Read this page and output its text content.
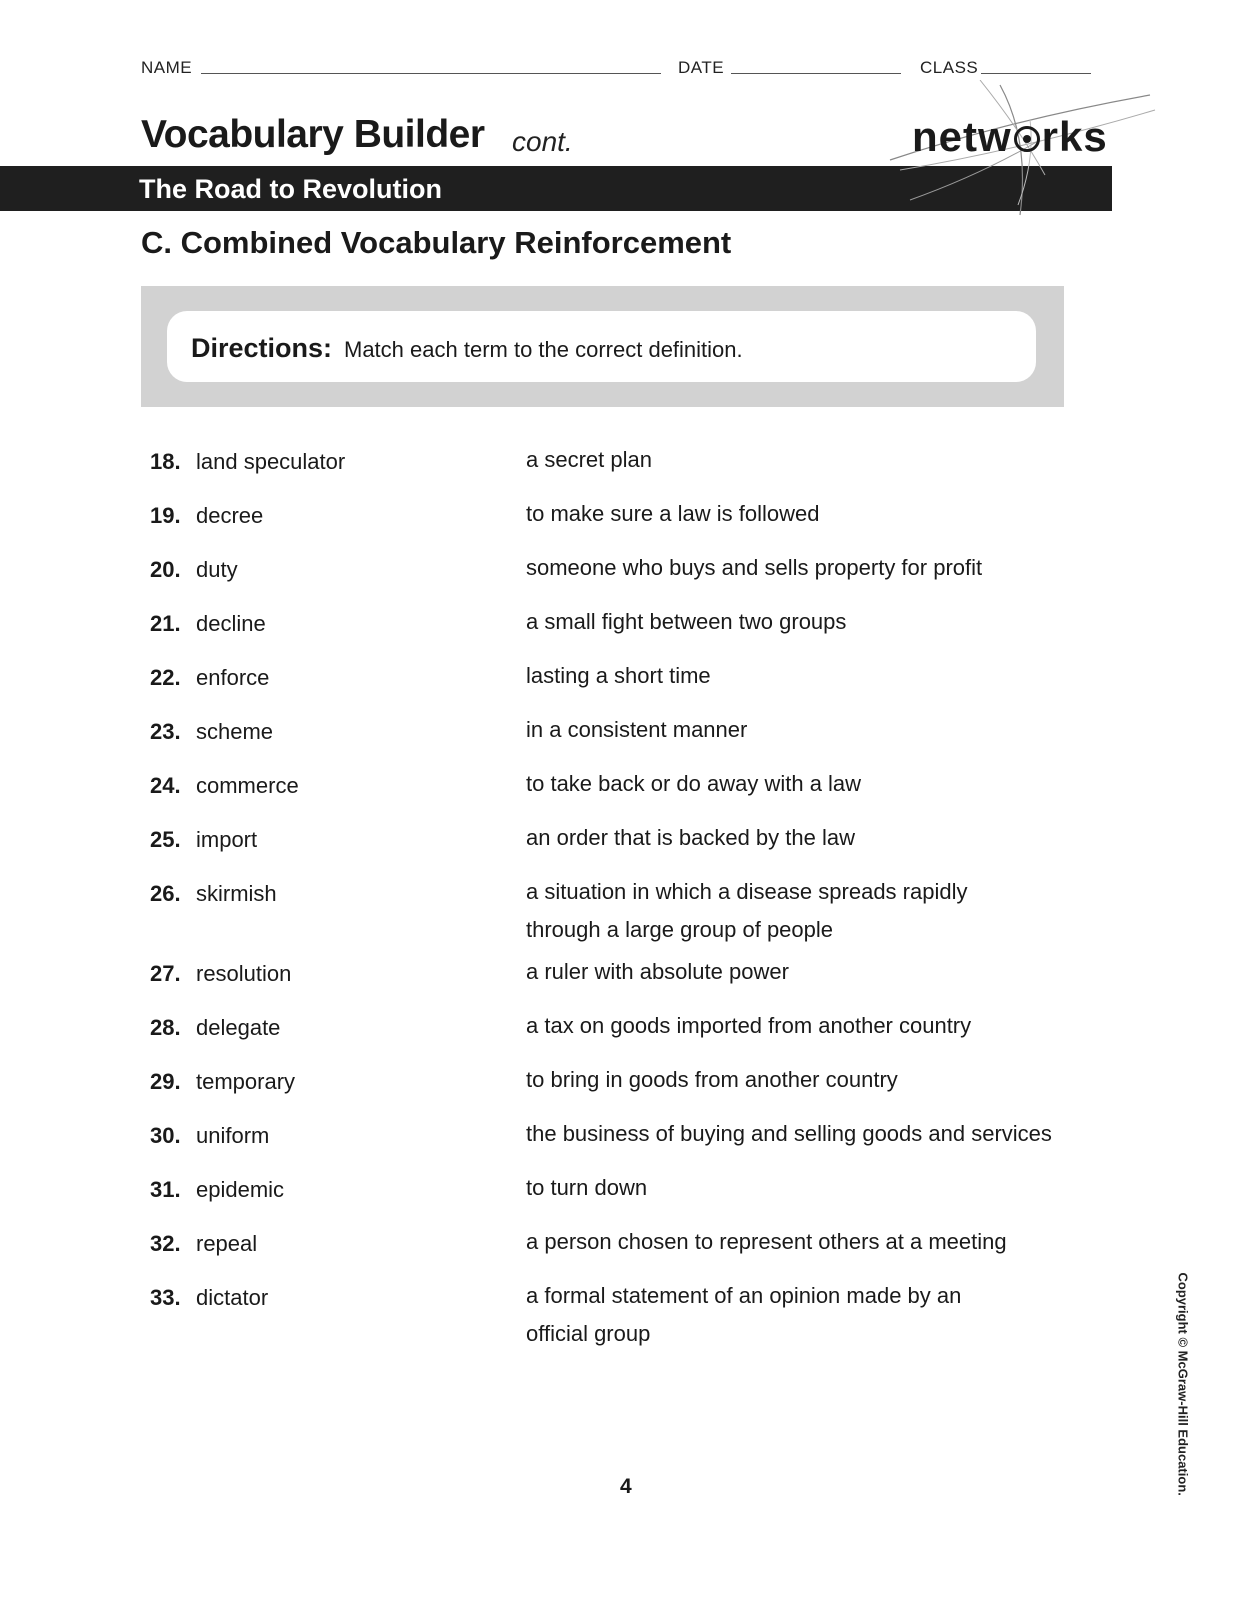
NAME	DATE	CLASS
Vocabulary Builder cont.
The Road to Revolution
netw rks
C. Combined Vocabulary Reinforcement
Directions: Match each term to the correct definition.
18. land speculator	a secret plan
19. decree	to make sure a law is followed
20. duty	someone who buys and sells property for profit
21. decline	a small fight between two groups
22. enforce	lasting a short time
23. scheme	in a consistent manner
24. commerce	to take back or do away with a law
25. import	an order that is backed by the law
26. skirmish	a situation in which a disease spreads rapidly through a large group of people
27. resolution	a ruler with absolute power
28. delegate	a tax on goods imported from another country
29. temporary	to bring in goods from another country
30. uniform	the business of buying and selling goods and services
31. epidemic	to turn down
32. repeal	a person chosen to represent others at a meeting
33. dictator	a formal statement of an opinion made by an official group
4	Copyright © McGraw-Hill Education.
